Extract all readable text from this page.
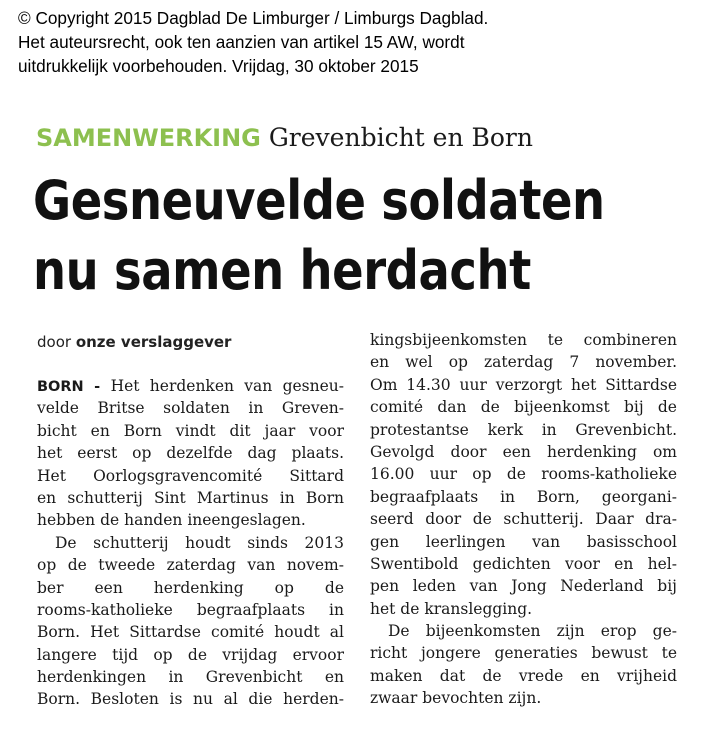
© Copyright 2015 Dagblad De Limburger / Limburgs Dagblad.
Het auteursrecht, ook ten aanzien van artikel 15 AW, wordt
uitdrukkelijk voorbehouden. Vrijdag, 30 oktober 2015
SAMENWERKING Grevenbicht en Born
Gesneuvelde soldaten
nu samen herdacht
door onze verslaggever
BORN - Het herdenken van gesneu-
velde Britse soldaten in Greven-
bicht en Born vindt dit jaar voor
het eerst op dezelfde dag plaats.
Het Oorlogsgravencomité Sittard
en schutterij Sint Martinus in Born
hebben de handen ineengeslagen.
De schutterij houdt sinds 2013
op de tweede zaterdag van novem-
ber een herdenking op de
rooms-katholieke begraafplaats in
Born. Het Sittardse comité houdt al
langere tijd op de vrijdag ervoor
herdenkingen in Grevenbicht en
Born. Besloten is nu al die herden-
kingsbijeenkomsten te combineren
en wel op zaterdag 7 november.
Om 14.30 uur verzorgt het Sittardse
comité dan de bijeenkomst bij de
protestantse kerk in Grevenbicht.
Gevolgd door een herdenking om
16.00 uur op de rooms-katholieke
begraafplaats in Born, georgani-
seerd door de schutterij. Daar dra-
gen leerlingen van basisschool
Swentibold gedichten voor en hel-
pen leden van Jong Nederland bij
het de kranslegging.
De bijeenkomsten zijn erop ge-
richt jongere generaties bewust te
maken dat de vrede en vrijheid
zwaar bevochten zijn.
